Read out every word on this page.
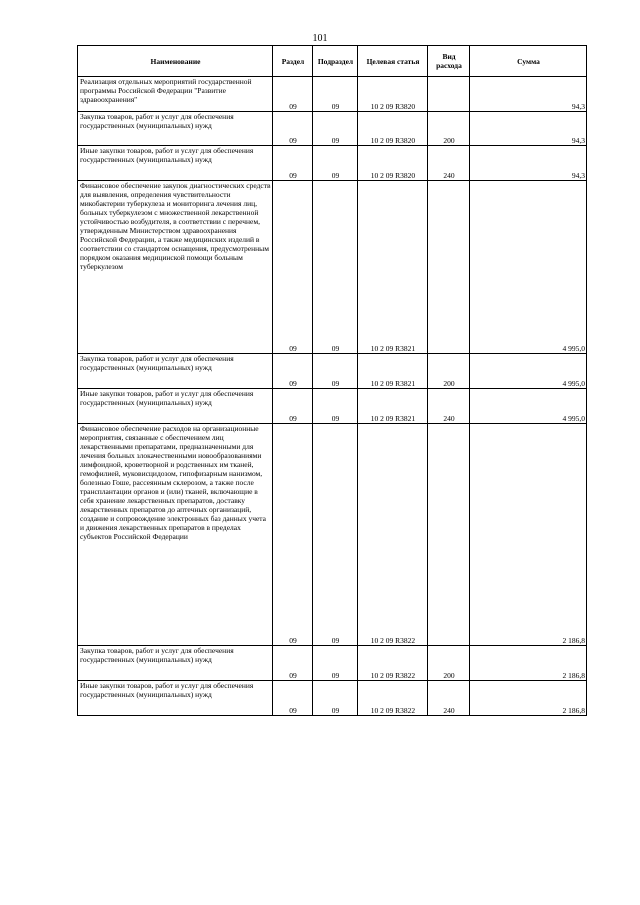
101
Наименование	Раздел	Подраздел	Целевая статья	Вид расхода	Сумма
Реализация отдельных мероприятий государственной программы Российской Федерации "Развитие здравоохранения"	09	09	10 2 09 R3820		94,3
Закупка товаров, работ и услуг для обеспечения государственных (муниципальных) нужд	09	09	10 2 09 R3820	200	94,3
Иные закупки товаров, работ и услуг для обеспечения государственных (муниципальных) нужд	09	09	10 2 09 R3820	240	94,3
Финансовое обеспечение закупок диагностических средств для выявления, определения чувствительности микобактерии туберкулеза и мониторинга лечения лиц, больных туберкулезом с множественной лекарственной устойчивостью возбудителя, в соответствии с перечнем, утвержденным Министерством здравоохранения Российской Федерации, а также медицинских изделий в соответствии со стандартом оснащения, предусмотренным порядком оказания медицинской помощи больным туберкулезом	09	09	10 2 09 R3821		4 995,0
Закупка товаров, работ и услуг для обеспечения государственных (муниципальных) нужд	09	09	10 2 09 R3821	200	4 995,0
Иные закупки товаров, работ и услуг для обеспечения государственных (муниципальных) нужд	09	09	10 2 09 R3821	240	4 995,0
Финансовое обеспечение расходов на организационные мероприятия, связанные с обеспечением лиц лекарственными препаратами, предназначенными для лечения больных злокачественными новообразованиями лимфоидной, кроветворной и родственных им тканей, гемофилией, муковисцидозом, гипофизарным нанизмом, болезнью Гоше, рассеянным склерозом, а также после трансплантации органов и (или) тканей, включающие в себя хранение лекарственных препаратов, доставку лекарственных препаратов до аптечных организаций, создание и сопровождение электронных баз данных учета и движения лекарственных препаратов в пределах субъектов Российской Федерации	09	09	10 2 09 R3822		2 186,8
Закупка товаров, работ и услуг для обеспечения государственных (муниципальных) нужд	09	09	10 2 09 R3822	200	2 186,8
Иные закупки товаров, работ и услуг для обеспечения государственных (муниципальных) нужд	09	09	10 2 09 R3822	240	2 186,8
